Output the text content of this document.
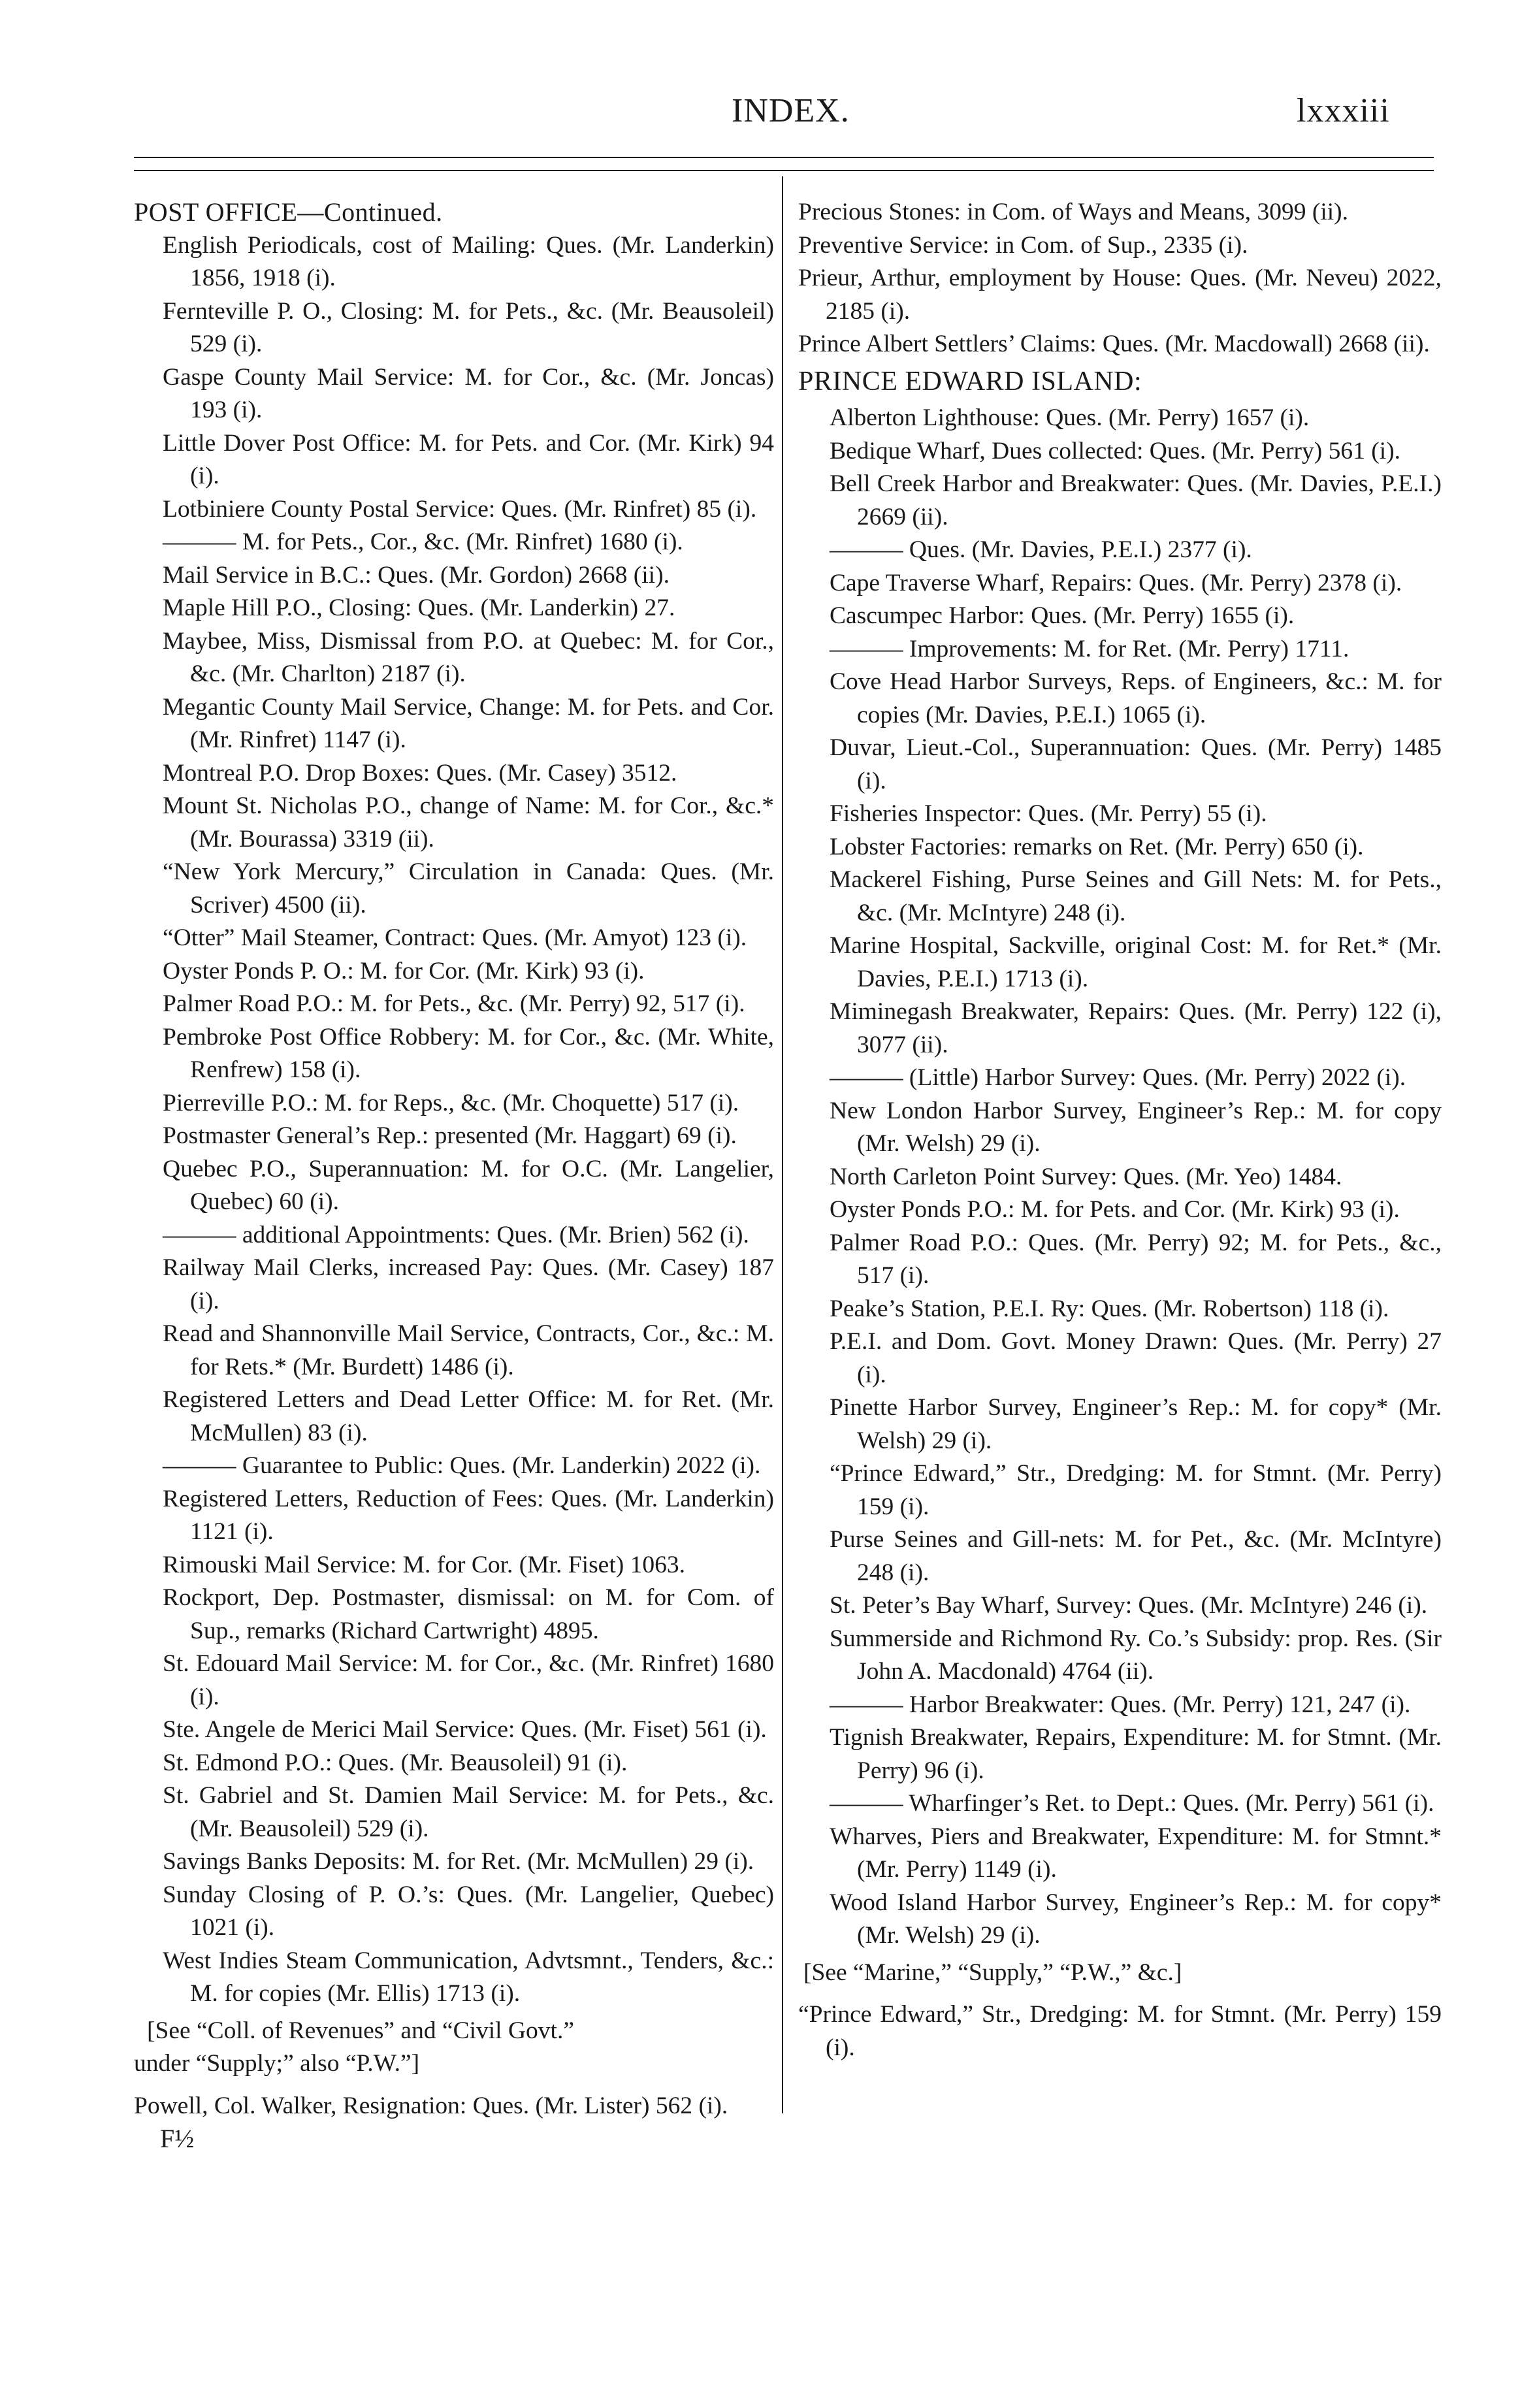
INDEX.	lxxxiii

POST OFFICE—Continued.

English Periodicals, cost of Mailing: Ques. (Mr. Landerkin) 1856, 1918 (i).

Fernteville P. O., Closing: M. for Pets., &c. (Mr. Beausoleil) 529 (i).

Gaspe County Mail Service: M. for Cor., &c. (Mr. Joncas) 193 (i).

Little Dover Post Office: M. for Pets. and Cor. (Mr. Kirk) 94 (i).

Lotbiniere County Postal Service: Ques. (Mr. Rinfret) 85 (i).

——— M. for Pets., Cor., &c. (Mr. Rinfret) 1680 (i).

Mail Service in B.C.: Ques. (Mr. Gordon) 2668 (ii).

Maple Hill P.O., Closing: Ques. (Mr. Landerkin) 27.

Maybee, Miss, Dismissal from P.O. at Quebec: M. for Cor., &c. (Mr. Charlton) 2187 (i).

Megantic County Mail Service, Change: M. for Pets. and Cor. (Mr. Rinfret) 1147 (i).

Montreal P.O. Drop Boxes: Ques. (Mr. Casey) 3512.

Mount St. Nicholas P.O., change of Name: M. for Cor., &c.* (Mr. Bourassa) 3319 (ii).

“New York Mercury,” Circulation in Canada: Ques. (Mr. Scriver) 4500 (ii).

“Otter” Mail Steamer, Contract: Ques. (Mr. Amyot) 123 (i).

Oyster Ponds P. O.: M. for Cor. (Mr. Kirk) 93 (i).

Palmer Road P.O.: M. for Pets., &c. (Mr. Perry) 92, 517 (i).

Pembroke Post Office Robbery: M. for Cor., &c. (Mr. White, Renfrew) 158 (i).

Pierreville P.O.: M. for Reps., &c. (Mr. Choquette) 517 (i).

Postmaster General’s Rep.: presented (Mr. Haggart) 69 (i).

Quebec P.O., Superannuation: M. for O.C. (Mr. Langelier, Quebec) 60 (i).

——— additional Appointments: Ques. (Mr. Brien) 562 (i).

Railway Mail Clerks, increased Pay: Ques. (Mr. Casey) 187 (i).

Read and Shannonville Mail Service, Contracts, Cor., &c.: M. for Rets.* (Mr. Burdett) 1486 (i).

Registered Letters and Dead Letter Office: M. for Ret. (Mr. McMullen) 83 (i).

——— Guarantee to Public: Ques. (Mr. Landerkin) 2022 (i).

Registered Letters, Reduction of Fees: Ques. (Mr. Landerkin) 1121 (i).

Rimouski Mail Service: M. for Cor. (Mr. Fiset) 1063.

Rockport, Dep. Postmaster, dismissal: on M. for Com. of Sup., remarks (Richard Cartwright) 4895.

St. Edouard Mail Service: M. for Cor., &c. (Mr. Rinfret) 1680 (i).

Ste. Angele de Merici Mail Service: Ques. (Mr. Fiset) 561 (i).

St. Edmond P.O.: Ques. (Mr. Beausoleil) 91 (i).

St. Gabriel and St. Damien Mail Service: M. for Pets., &c. (Mr. Beausoleil) 529 (i).

Savings Banks Deposits: M. for Ret. (Mr. McMullen) 29 (i).

Sunday Closing of P. O.’s: Ques. (Mr. Langelier, Quebec) 1021 (i).

West Indies Steam Communication, Advtsmnt., Tenders, &c.: M. for copies (Mr. Ellis) 1713 (i).

[See “Coll. of Revenues” and “Civil Govt.”
under “Supply;” also “P.W.”]

Powell, Col. Walker, Resignation: Ques. (Mr. Lister) 562 (i).

F½

Precious Stones: in Com. of Ways and Means, 3099 (ii).

Preventive Service: in Com. of Sup., 2335 (i).

Prieur, Arthur, employment by House: Ques. (Mr. Neveu) 2022, 2185 (i).

Prince Albert Settlers’ Claims: Ques. (Mr. Macdowall) 2668 (ii).

PRINCE EDWARD ISLAND:

Alberton Lighthouse: Ques. (Mr. Perry) 1657 (i).

Bedique Wharf, Dues collected: Ques. (Mr. Perry) 561 (i).

Bell Creek Harbor and Breakwater: Ques. (Mr. Davies, P.E.I.) 2669 (ii).

——— Ques. (Mr. Davies, P.E.I.) 2377 (i).

Cape Traverse Wharf, Repairs: Ques. (Mr. Perry) 2378 (i).

Cascumpec Harbor: Ques. (Mr. Perry) 1655 (i).

——— Improvements: M. for Ret. (Mr. Perry) 1711.

Cove Head Harbor Surveys, Reps. of Engineers, &c.: M. for copies (Mr. Davies, P.E.I.) 1065 (i).

Duvar, Lieut.-Col., Superannuation: Ques. (Mr. Perry) 1485 (i).

Fisheries Inspector: Ques. (Mr. Perry) 55 (i).

Lobster Factories: remarks on Ret. (Mr. Perry) 650 (i).

Mackerel Fishing, Purse Seines and Gill Nets: M. for Pets., &c. (Mr. McIntyre) 248 (i).

Marine Hospital, Sackville, original Cost: M. for Ret.* (Mr. Davies, P.E.I.) 1713 (i).

Miminegash Breakwater, Repairs: Ques. (Mr. Perry) 122 (i), 3077 (ii).

——— (Little) Harbor Survey: Ques. (Mr. Perry) 2022 (i).

New London Harbor Survey, Engineer’s Rep.: M. for copy (Mr. Welsh) 29 (i).

North Carleton Point Survey: Ques. (Mr. Yeo) 1484.

Oyster Ponds P.O.: M. for Pets. and Cor. (Mr. Kirk) 93 (i).

Palmer Road P.O.: Ques. (Mr. Perry) 92; M. for Pets., &c., 517 (i).

Peake’s Station, P.E.I. Ry: Ques. (Mr. Robertson) 118 (i).

P.E.I. and Dom. Govt. Money Drawn: Ques. (Mr. Perry) 27 (i).

Pinette Harbor Survey, Engineer’s Rep.: M. for copy* (Mr. Welsh) 29 (i).

“Prince Edward,” Str., Dredging: M. for Stmnt. (Mr. Perry) 159 (i).

Purse Seines and Gill-nets: M. for Pet., &c. (Mr. McIntyre) 248 (i).

St. Peter’s Bay Wharf, Survey: Ques. (Mr. McIntyre) 246 (i).

Summerside and Richmond Ry. Co.’s Subsidy: prop. Res. (Sir John A. Macdonald) 4764 (ii).

——— Harbor Breakwater: Ques. (Mr. Perry) 121, 247 (i).

Tignish Breakwater, Repairs, Expenditure: M. for Stmnt. (Mr. Perry) 96 (i).

——— Wharfinger’s Ret. to Dept.: Ques. (Mr. Perry) 561 (i).

Wharves, Piers and Breakwater, Expenditure: M. for Stmnt.* (Mr. Perry) 1149 (i).

Wood Island Harbor Survey, Engineer’s Rep.: M. for copy* (Mr. Welsh) 29 (i).

[See “Marine,” “Supply,” “P.W.,” &c.]

“Prince Edward,” Str., Dredging: M. for Stmnt. (Mr. Perry) 159 (i).
